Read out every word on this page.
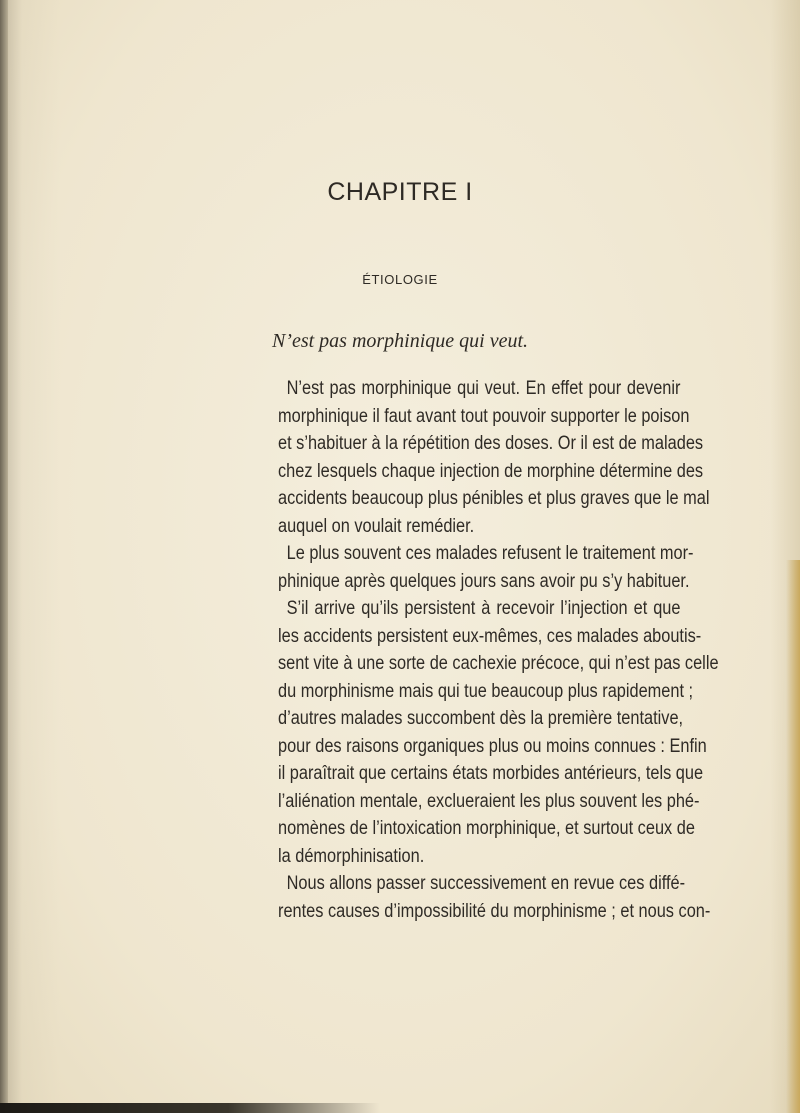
CHAPITRE I
ÉTIOLOGIE
N’est pas morphinique qui veut.
N’est pas morphinique qui veut. En effet pour devenir
morphinique il faut avant tout pouvoir supporter le poison
et s’habituer à la répétition des doses. Or il est de malades
chez lesquels chaque injection de morphine détermine des
accidents beaucoup plus pénibles et plus graves que le mal
auquel on voulait remédier.
Le plus souvent ces malades refusent le traitement mor-
phinique après quelques jours sans avoir pu s’y habituer.
S’il arrive qu’ils persistent à recevoir l’injection et que
les accidents persistent eux-mêmes, ces malades aboutis-
sent vite à une sorte de cachexie précoce, qui n’est pas celle
du morphinisme mais qui tue beaucoup plus rapidement ;
d’autres malades succombent dès la première tentative,
pour des raisons organiques plus ou moins connues : Enfin
il paraîtrait que certains états morbides antérieurs, tels que
l’aliénation mentale, exclueraient les plus souvent les phé-
nomènes de l’intoxication morphinique, et surtout ceux de
la démorphinisation.
Nous allons passer successivement en revue ces diffé-
rentes causes d’impossibilité du morphinisme ; et nous con-
